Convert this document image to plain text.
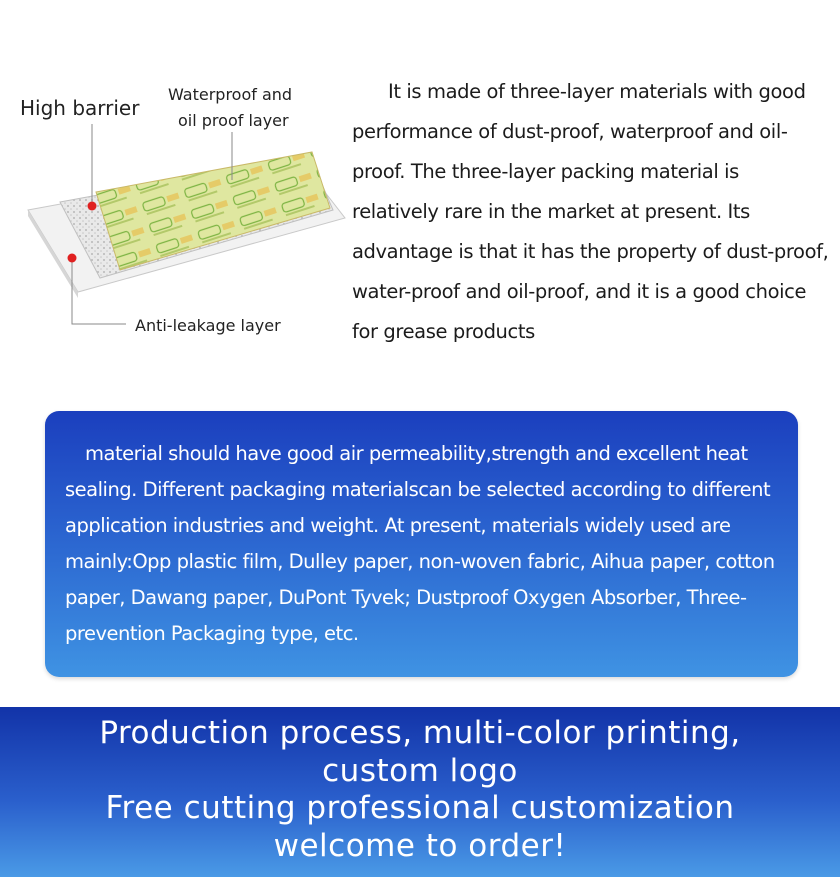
High barrier
Waterproof and
oil proof layer
Anti-leakage layer
It is made of three-layer materials with good performance of dust-proof, waterproof and oil-proof. The three-layer packing material is relatively rare in the market at present. Its advantage is that it has the property of dust-proof, water-proof and oil-proof, and it is a good choice for grease products

material should have good air permeability,strength and excellent heat sealing. Different packaging materialscan be selected according to different application industries and weight. At present, materials widely used are mainly:Opp plastic film, Dulley paper, non-woven fabric, Aihua paper, cotton paper, Dawang paper, DuPont Tyvek; Dustproof Oxygen Absorber, Three-prevention Packaging type, etc.

Production process, multi-color printing,
custom logo
Free cutting professional customization
welcome to order!
